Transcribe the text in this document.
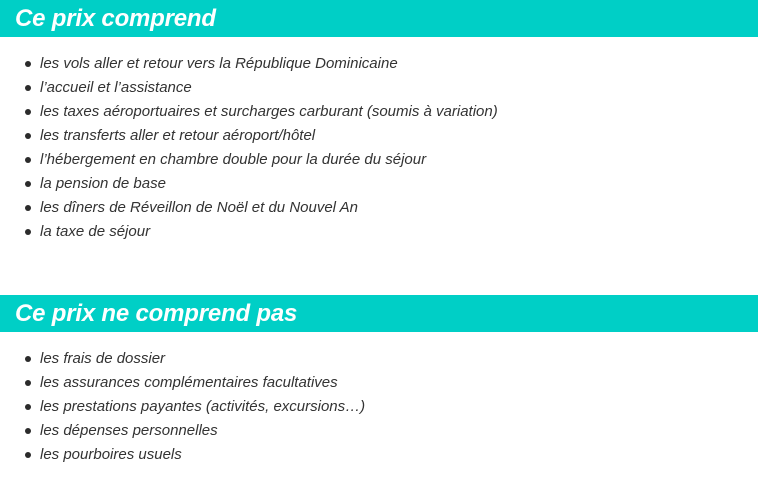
Ce prix comprend
les vols aller et retour vers la République Dominicaine
l’accueil et l’assistance
les taxes aéroportuaires et surcharges carburant (soumis à variation)
les transferts aller et retour aéroport/hôtel
l’hébergement en chambre double pour la durée du séjour
la pension de base
les dîners de Réveillon de Noël et du Nouvel An
la taxe de séjour
Ce prix ne comprend pas
les frais de dossier
les assurances complémentaires facultatives
les prestations payantes (activités, excursions…)
les dépenses personnelles
les pourboires usuels
